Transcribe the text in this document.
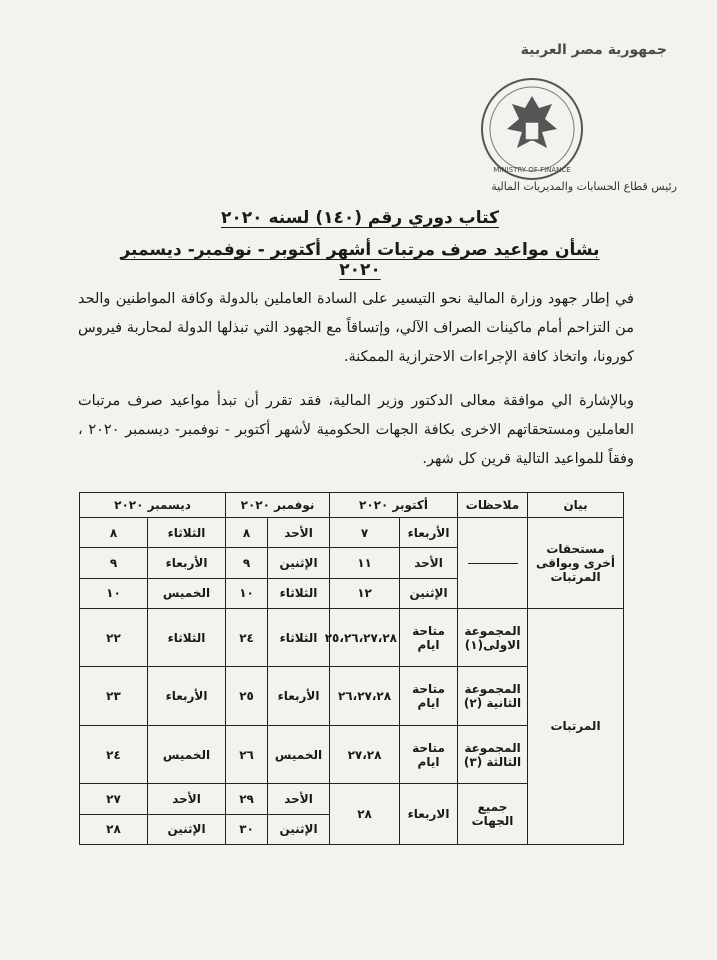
جمهورية مصر العربية
MINISTRY OF FINANCE
رئيس قطاع الحسابات والمديريات المالية
كتاب دوري رقم (١٤٠) لسنه ٢٠٢٠
بشأن مواعيد صرف مرتبات أشهر أكتوبر - نوفمبر- ديسمبر ٢٠٢٠
في إطار جهود وزارة المالية نحو التيسير على السادة العاملين بالدولة وكافة المواطنين والحد من التزاحم أمام ماكينات الصراف الآلي، وإتساقاً مع الجهود التي تبذلها الدولة لمحاربة فيروس كورونا، واتخاذ كافة الإجراءات الاحترازية الممكنة.
وبالإشارة الي موافقة معالى الدكتور وزير المالية، فقد تقرر أن تبدأ مواعيد صرف مرتبات العاملين ومستحقاتهم الاخرى بكافة الجهات الحكومية لأشهر أكتوبر - نوفمبر- ديسمبر ٢٠٢٠ ، وفقاً للمواعيد التالية قرين كل شهر.
بيان	ملاحظات	أكتوبر ٢٠٢٠		نوفمبر ٢٠٢٠		ديسمبر ٢٠٢٠	
مستحقات أخرى وبواقى المرتبات		الأربعاء	٧	الأحد	٨	الثلاثاء	٨
		الأحد	١١	الإثنين	٩	الأربعاء	٩
		الإثنين	١٢	الثلاثاء	١٠	الخميس	١٠
المرتبات	المجموعة الاولى(١)	متاحة ايام	٢٥،٢٦،٢٧،٢٨	الثلاثاء	٢٤	الثلاثاء	٢٢
	المجموعة الثانية (٢)	متاحة ايام	٢٦،٢٧،٢٨	الأربعاء	٢٥	الأربعاء	٢٣
	المجموعة الثالثة (٣)	متاحة ايام	٢٧،٢٨	الخميس	٢٦	الخميس	٢٤
	جميع الجهات	الاربعاء	٢٨	الأحد	٢٩	الأحد	٢٧
				الإثنين	٣٠	الإثنين	٢٨
